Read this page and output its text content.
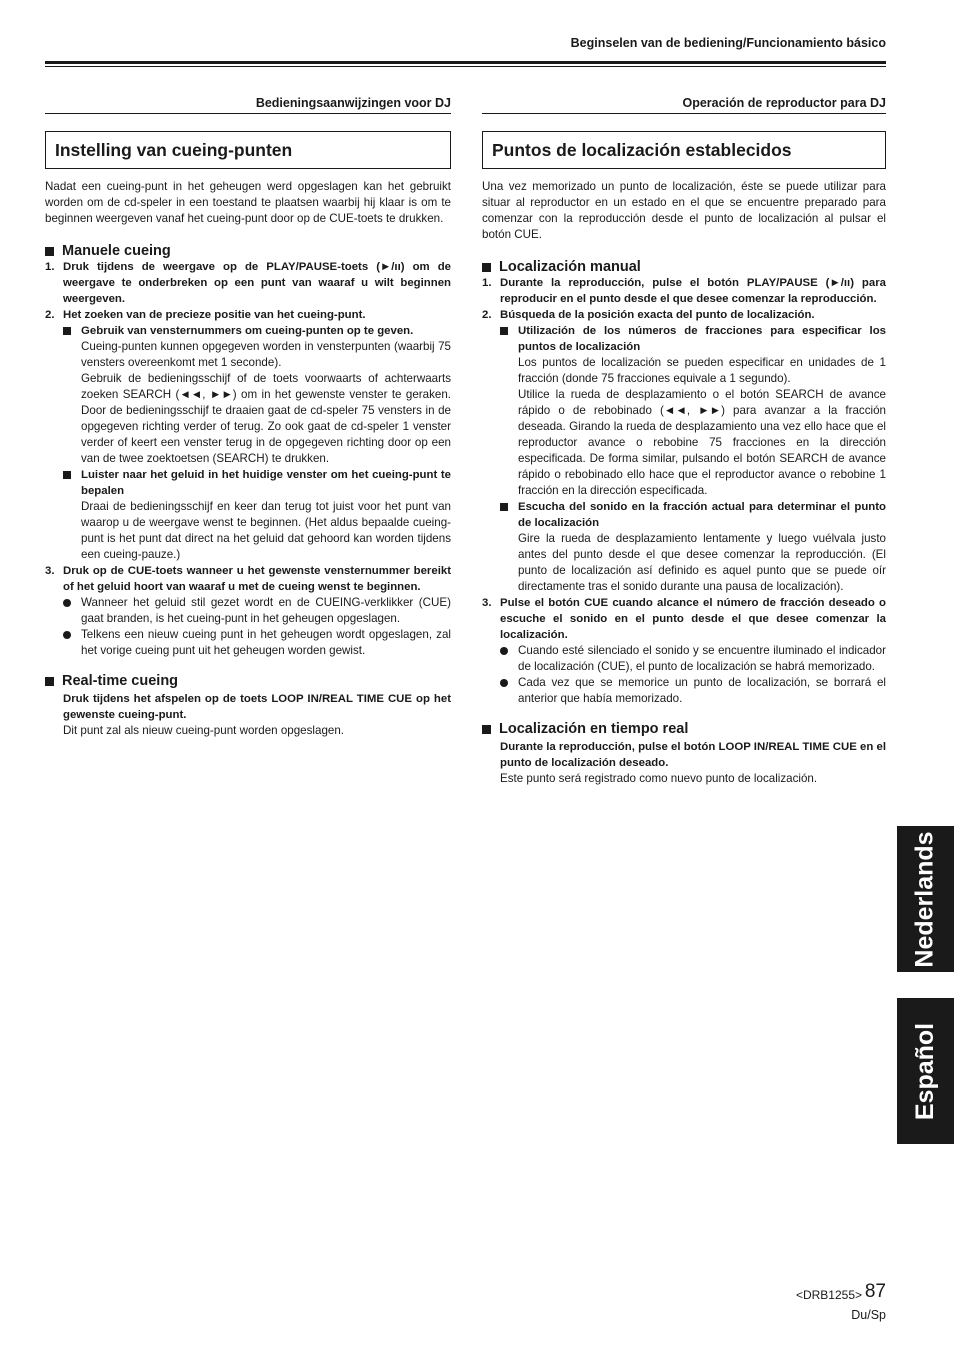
Beginselen van de bediening/Funcionamiento básico
Bedieningsaanwijzingen voor DJ
Instelling van cueing-punten
Nadat een cueing-punt in het geheugen werd opgeslagen kan het gebruikt worden om de cd-speler in een toestand te plaatsen waarbij hij klaar is om te beginnen weergeven vanaf het cueing-punt door op de CUE-toets te drukken.
Manuele cueing
1. Druk tijdens de weergave op de PLAY/PAUSE-toets (►/ıı) om de weergave te onderbreken op een punt van waaraf u wilt beginnen weergeven.
2. Het zoeken van de precieze positie van het cueing-punt.
Gebruik van vensternummers om cueing-punten op te geven.
Cueing-punten kunnen opgegeven worden in vensterpunten (waarbij 75 vensters overeenkomt met 1 seconde).
Gebruik de bedieningsschijf of de toets voorwaarts of achterwaarts zoeken SEARCH (◄◄, ►►) om in het gewenste venster te geraken. Door de bedieningsschijf te draaien gaat de cd-speler 75 vensters in de opgegeven richting verder of terug. Zo ook gaat de cd-speler 1 venster verder of keert een venster terug in de opgegeven richting door op een van de twee zoektoetsen (SEARCH) te drukken.
Luister naar het geluid in het huidige venster om het cueing-punt te bepalen
Draai de bedieningsschijf en keer dan terug tot juist voor het punt van waarop u de weergave wenst te beginnen. (Het aldus bepaalde cueing-punt is het punt dat direct na het geluid dat gehoord kan worden tijdens een cueing-pauze.)
3. Druk op de CUE-toets wanneer u het gewenste vensternummer bereikt of het geluid hoort van waaraf u met de cueing wenst te beginnen.
Wanneer het geluid stil gezet wordt en de CUEING-verklikker (CUE) gaat branden, is het cueing-punt in het geheugen opgeslagen.
Telkens een nieuw cueing punt in het geheugen wordt opgeslagen, zal het vorige cueing punt uit het geheugen worden gewist.
Real-time cueing
Druk tijdens het afspelen op de toets LOOP IN/REAL TIME CUE op het gewenste cueing-punt.
Dit punt zal als nieuw cueing-punt worden opgeslagen.
Operación de reproductor para DJ
Puntos de localización establecidos
Una vez memorizado un punto de localización, éste se puede utilizar para situar al reproductor en un estado en el que se encuentre preparado para comenzar con la reproducción desde el punto de localización al pulsar el botón CUE.
Localización manual
1. Durante la reproducción, pulse el botón PLAY/PAUSE (►/ıı) para reproducir en el punto desde el que desee comenzar la reproducción.
2. Búsqueda de la posición exacta del punto de localización.
Utilización de los números de fracciones para especificar los puntos de localización
Los puntos de localización se pueden especificar en unidades de 1 fracción (donde 75 fracciones equivale a 1 segundo).
Utilice la rueda de desplazamiento o el botón SEARCH de avance rápido o de rebobinado (◄◄, ►►) para avanzar a la fracción deseada. Girando la rueda de desplazamiento una vez ello hace que el reproductor avance o rebobine 75 fracciones en la dirección especificada. De forma similar, pulsando el botón SEARCH de avance rápido o rebobinado ello hace que el reproductor avance o rebobine 1 fracción en la dirección especificada.
Escucha del sonido en la fracción actual para determinar el punto de localización
Gire la rueda de desplazamiento lentamente y luego vuélvala justo antes del punto desde el que desee comenzar la reproducción. (El punto de localización así definido es aquel punto que se puede oír directamente tras el sonido durante una pausa de localización).
3. Pulse el botón CUE cuando alcance el número de fracción deseado o escuche el sonido en el punto desde el que desee comenzar la localización.
Cuando esté silenciado el sonido y se encuentre iluminado el indicador de localización (CUE), el punto de localización se habrá memorizado.
Cada vez que se memorice un punto de localización, se borrará el anterior que había memorizado.
Localización en tiempo real
Durante la reproducción, pulse el botón LOOP IN/REAL TIME CUE en el punto de localización deseado.
Este punto será registrado como nuevo punto de localización.
Nederlands
Español
<DRB1255> 87
Du/Sp
